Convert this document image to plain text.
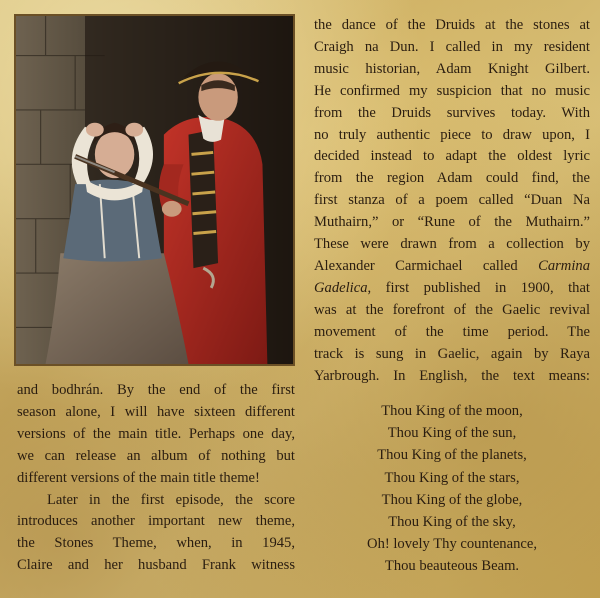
the dance of the Druids at the stones at
Craigh na Dun. I called in my resident
music historian, Adam Knight Gilbert.
He confirmed my suspicion that no music
from the Druids survives today. With
no truly authentic piece to draw upon, I
decided instead to adapt the oldest lyric
from the region Adam could find, the
first stanza of a poem called “Duan Na
Muthairn,” or “Rune of the Muthairn.”
These were drawn from a collection by
Alexander Carmichael called Carmina
Gadelica, first published in 1900, that
was at the forefront of the Gaelic revival
movement of the time period. The
track is sung in Gaelic, again by Raya
Yarbrough. In English, the text means:
Thou King of the moon,
Thou King of the sun,
Thou King of the planets,
Thou King of the stars,
Thou King of the globe,
Thou King of the sky,
Oh! lovely Thy countenance,
Thou beauteous Beam.
and bodhrán. By the end of the first
season alone, I will have sixteen different
versions of the main title. Perhaps one day,
we can release an album of nothing but
different versions of the main title theme!
Later in the first episode, the score
introduces another important new theme,
the Stones Theme, when, in 1945,
Claire and her husband Frank witness
